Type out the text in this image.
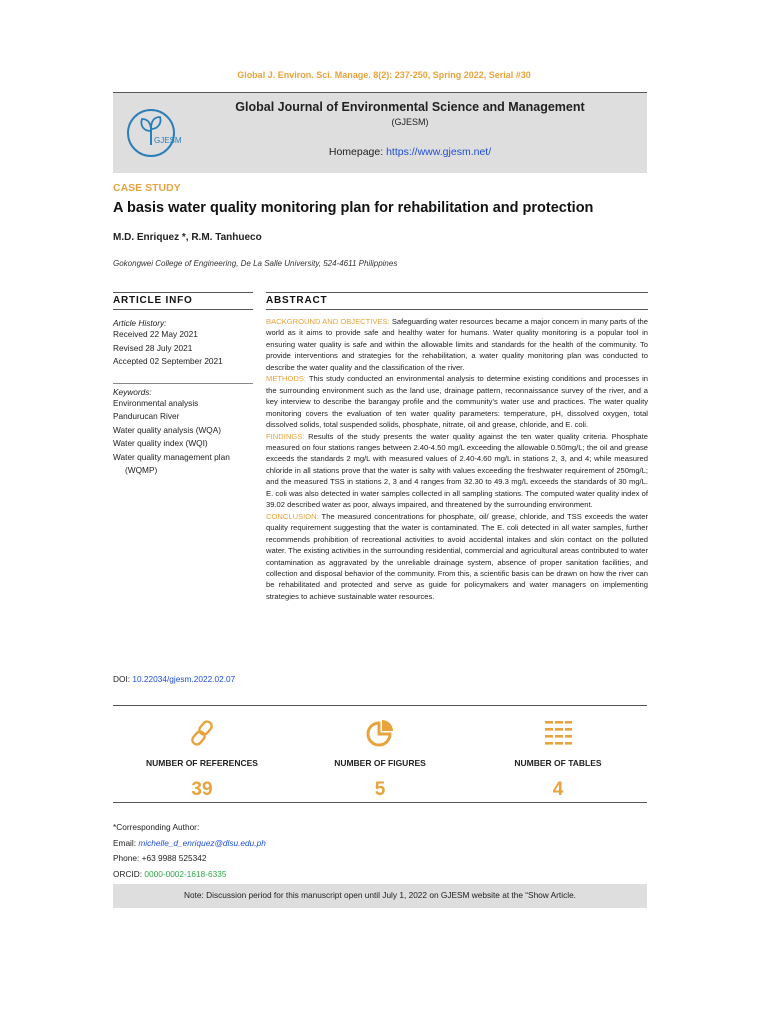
Global J. Environ. Sci. Manage. 8(2): 237-250, Spring 2022, Serial #30
GJESM
Global Journal of Environmental Science and Management
(GJESM)
Homepage: https://www.gjesm.net/
CASE STUDY
A basis water quality monitoring plan for rehabilitation and protection
M.D. Enriquez *, R.M. Tanhueco
Gokongwei College of Engineering, De La Salle University, 524-4611 Philippines
ARTICLE INFO
Article History:
Received 22 May 2021
Revised 28 July 2021
Accepted 02 September 2021
Keywords:
Environmental analysis
Pandurucan River
Water quality analysis (WQA)
Water quality index (WQI)
Water quality management plan
(WQMP)
DOI: 10.22034/gjesm.2022.02.07
ABSTRACT
BACKGROUND AND OBJECTIVES: Safeguarding water resources became a major concern in many parts of the world as it aims to provide safe and healthy water for humans. Water quality monitoring is a popular tool in ensuring water quality is safe and within the allowable limits and standards for the health of the community. To provide interventions and strategies for the rehabilitation, a water quality monitoring plan was conducted to describe the water quality and the classification of the river.
METHODS: This study conducted an environmental analysis to determine existing conditions and processes in the surrounding environment such as the land use, drainage pattern, reconnaissance survey of the river, and a key interview to describe the barangay profile and the community’s water use and practices. The water quality monitoring covers the evaluation of ten water quality parameters: temperature, pH, dissolved oxygen, total dissolved solids, total suspended solids, phosphate, nitrate, oil and grease, chloride, and E. coli.
FINDINGS: Results of the study presents the water quality against the ten water quality criteria. Phosphate measured on four stations ranges between 2.40-4.50 mg/L exceeding the allowable 0.50mg/L; the oil and grease exceeds the standards 2 mg/L with measured values of 2.40-4.60 mg/L in stations 2, 3, and 4; while measured chloride in all stations prove that the water is salty with values exceeding the freshwater requirement of 250mg/L; and the measured TSS in stations 2, 3 and 4 ranges from 32.30 to 49.3 mg/L exceeds the standards of 30 mg/L. E. coli was also detected in water samples collected in all sampling stations. The computed water quality index of 39.02 described water as poor, always impaired, and threatened by the surrounding environment.
CONCLUSION: The measured concentrations for phosphate, oil/ grease, chloride, and TSS exceeds the water quality requirement suggesting that the water is contaminated. The E. coli detected in all water samples, further recommends prohibition of recreational activities to avoid accidental intakes and skin contact on the polluted water. The existing activities in the surrounding residential, commercial and agricultural areas contributed to water contamination as aggravated by the unreliable drainage system, absence of proper sanitation facilities, and collection and disposal behavior of the community. From this, a scientific basis can be drawn on how the river can be rehabilitated and protected and serve as guide for policymakers and water managers on implementing strategies to achieve sustainable water resources.
NUMBER OF REFERENCES
39
NUMBER OF FIGURES
5
NUMBER OF TABLES
4
*Corresponding Author:
Email: michelle_d_enriquez@dlsu.edu.ph
Phone: +63 9988 525342
ORCID: 0000-0002-1618-6335
Note: Discussion period for this manuscript open until July 1, 2022 on GJESM website at the “Show Article.
